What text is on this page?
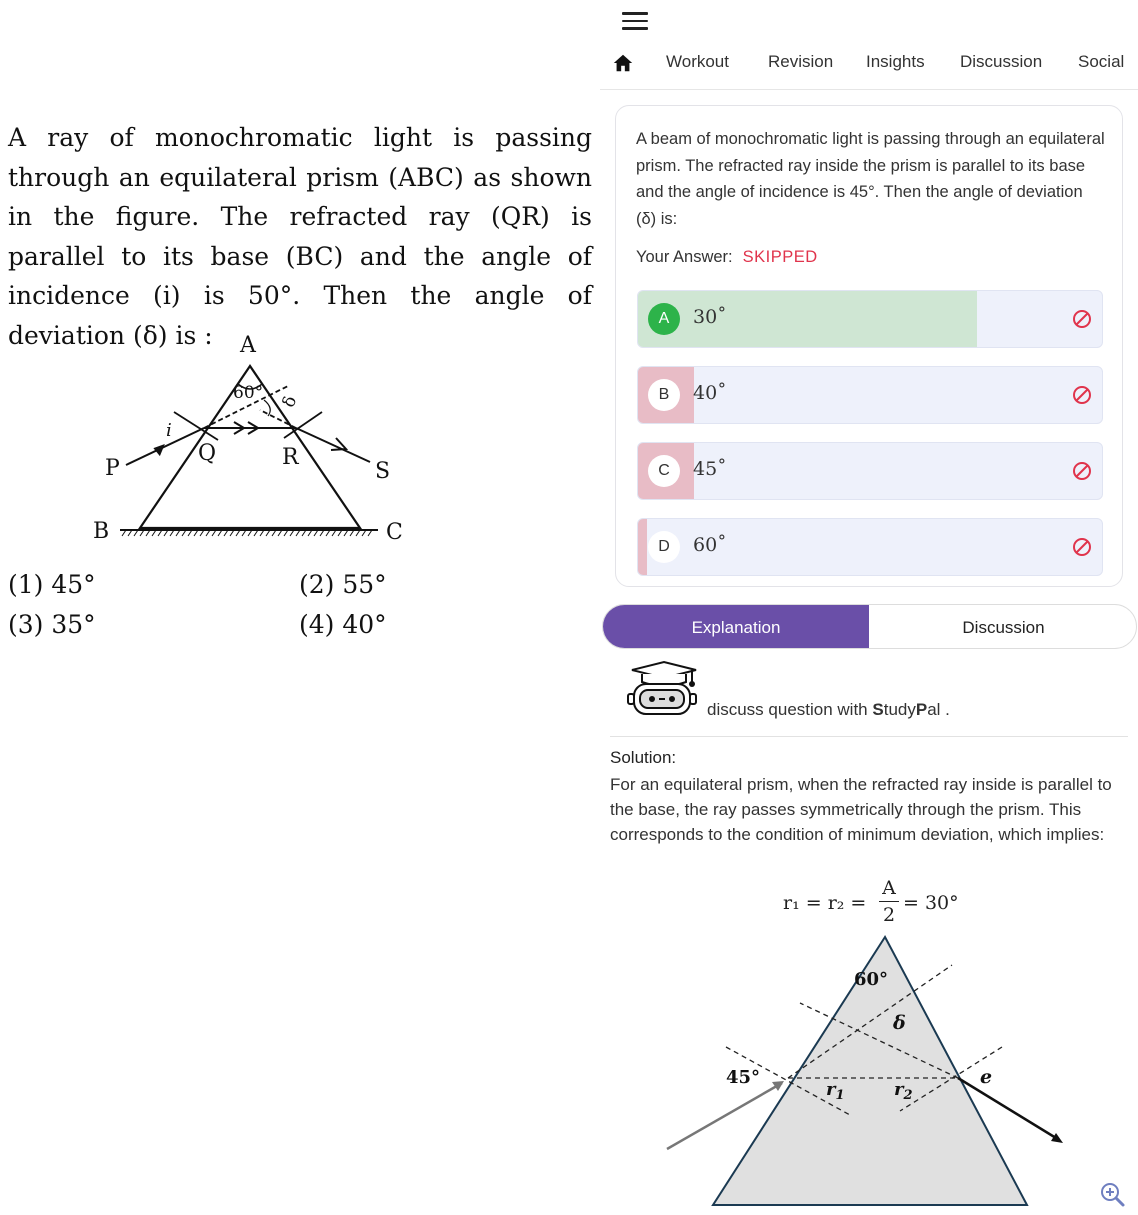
A ray of monochromatic light is passing through an equilateral prism (ABC) as shown in the figure. The refracted ray (QR) is parallel to its base (BC) and the angle of incidence (i) is 50°. Then the angle of deviation (δ) is :	A
60° δ
i
P
Q	R
S
B	C
(1) 45°	(2) 55°
(3) 35°	(4) 40°
Workout Revision Insights Discussion Social
A beam of monochromatic light is passing through an equilateral prism. The refracted ray inside the prism is parallel to its base and the angle of incidence is 45°. Then the angle of deviation (δ) is:
Your Answer: SKIPPED
A	30˚
B	40˚
C	45˚
D	60˚
Explanation	Discussion
discuss question with StudyPal .
Solution:
For an equilateral prism, when the refracted ray inside is parallel to the base, the ray passes symmetrically through the prism. This corresponds to the condition of minimum deviation, which implies:
r₁ = r₂ =
A
2
= 30°
60°
δ
45°
$r_1$	$r_2$
e
